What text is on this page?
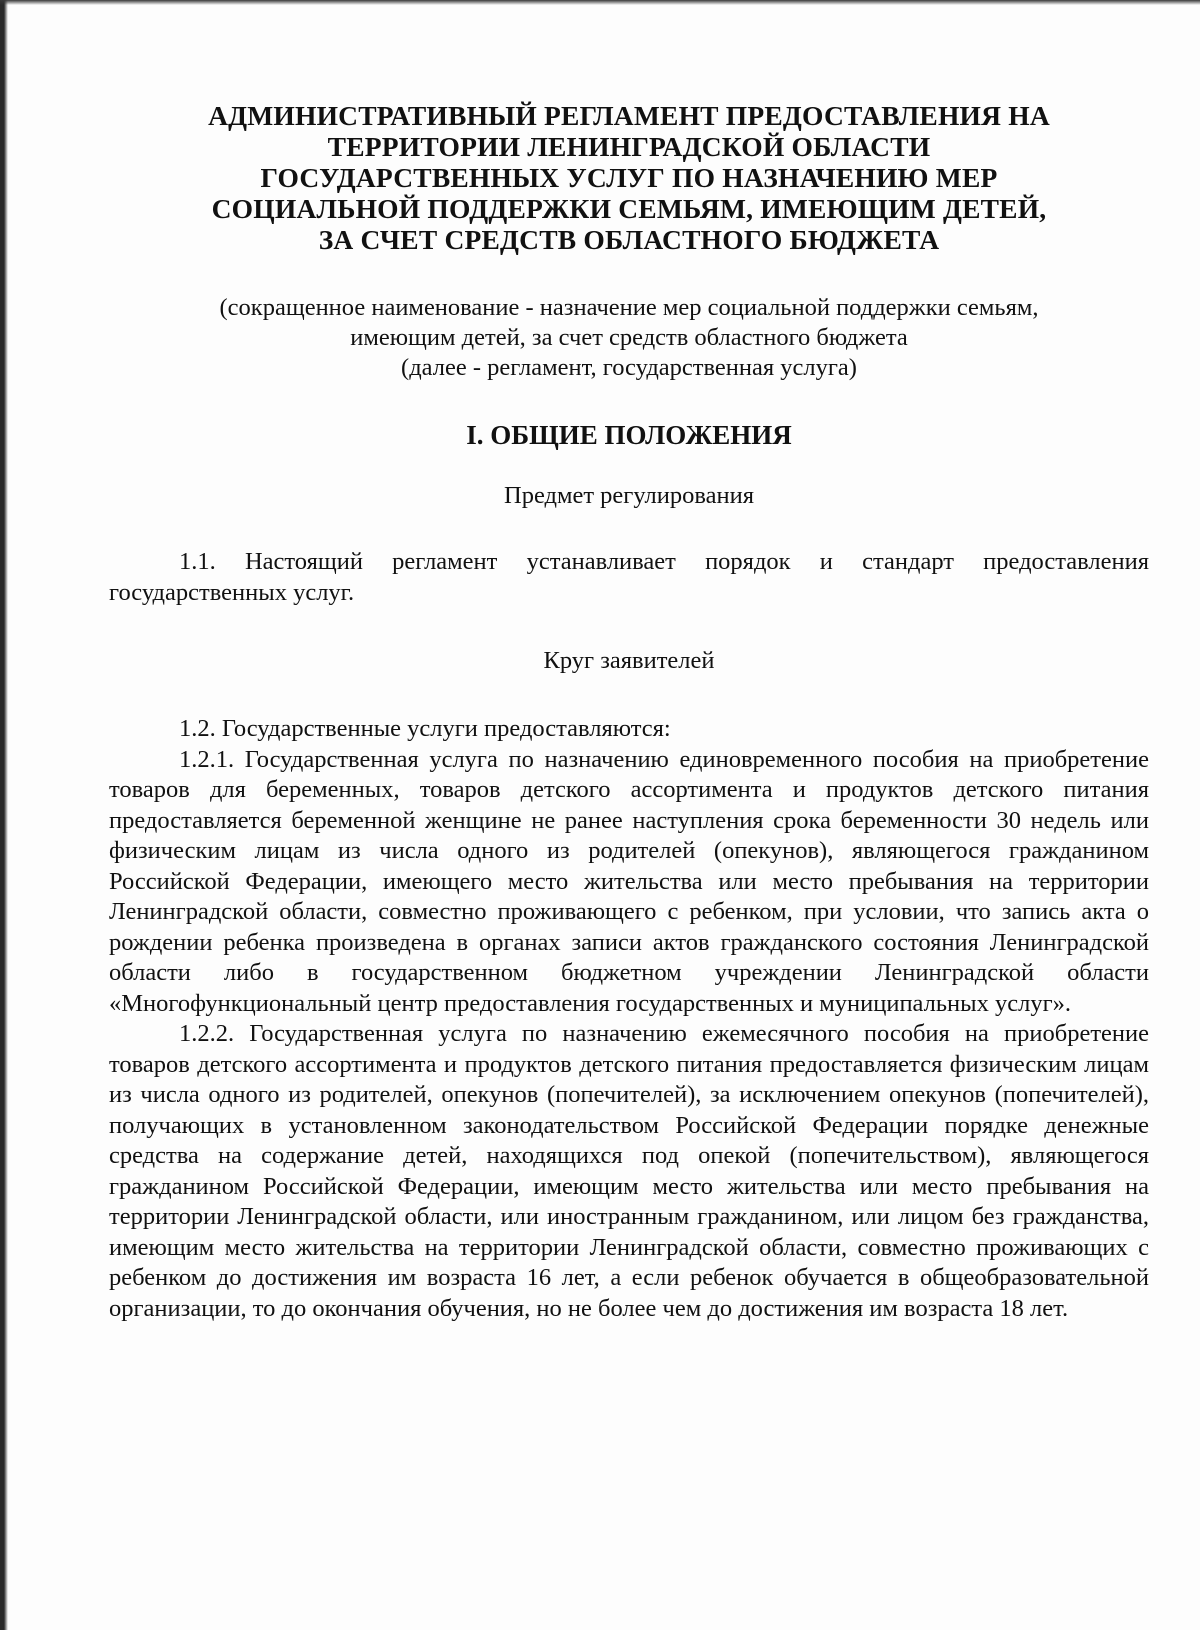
АДМИНИСТРАТИВНЫЙ РЕГЛАМЕНТ ПРЕДОСТАВЛЕНИЯ НА
ТЕРРИТОРИИ ЛЕНИНГРАДСКОЙ ОБЛАСТИ
ГОСУДАРСТВЕННЫХ УСЛУГ ПО НАЗНАЧЕНИЮ МЕР
СОЦИАЛЬНОЙ ПОДДЕРЖКИ СЕМЬЯМ, ИМЕЮЩИМ ДЕТЕЙ,
ЗА СЧЕТ СРЕДСТВ ОБЛАСТНОГО БЮДЖЕТА
(сокращенное наименование - назначение мер социальной поддержки семьям,
имеющим детей, за счет средств областного бюджета
(далее - регламент, государственная услуга)
I. ОБЩИЕ ПОЛОЖЕНИЯ
Предмет регулирования

1.1. Настоящий регламент устанавливает порядок и стандарт предоставления государственных услуг.

Круг заявителей

1.2. Государственные услуги предоставляются:

1.2.1. Государственная услуга по назначению единовременного пособия на приобретение товаров для беременных, товаров детского ассортимента и продуктов детского питания предоставляется беременной женщине не ранее наступления срока беременности 30 недель или физическим лицам из числа одного из родителей (опекунов), являющегося гражданином Российской Федерации, имеющего место жительства или место пребывания на территории Ленинградской области, совместно проживающего с ребенком, при условии, что запись акта о рождении ребенка произведена в органах записи актов гражданского состояния Ленинградской области либо в государственном бюджетном учреждении Ленинградской области «Многофункциональный центр предоставления государственных и муниципальных услуг».

1.2.2. Государственная услуга по назначению ежемесячного пособия на приобретение товаров детского ассортимента и продуктов детского питания предоставляется физическим лицам из числа одного из родителей, опекунов (попечителей), за исключением опекунов (попечителей), получающих в установленном законодательством Российской Федерации порядке денежные средства на содержание детей, находящихся под опекой (попечительством), являющегося гражданином Российской Федерации, имеющим место жительства или место пребывания на территории Ленинградской области, или иностранным гражданином, или лицом без гражданства, имеющим место жительства на территории Ленинградской области, совместно проживающих с ребенком до достижения им возраста 16 лет, а если ребенок обучается в общеобразовательной организации, то до окончания обучения, но не более чем до достижения им возраста 18 лет.
